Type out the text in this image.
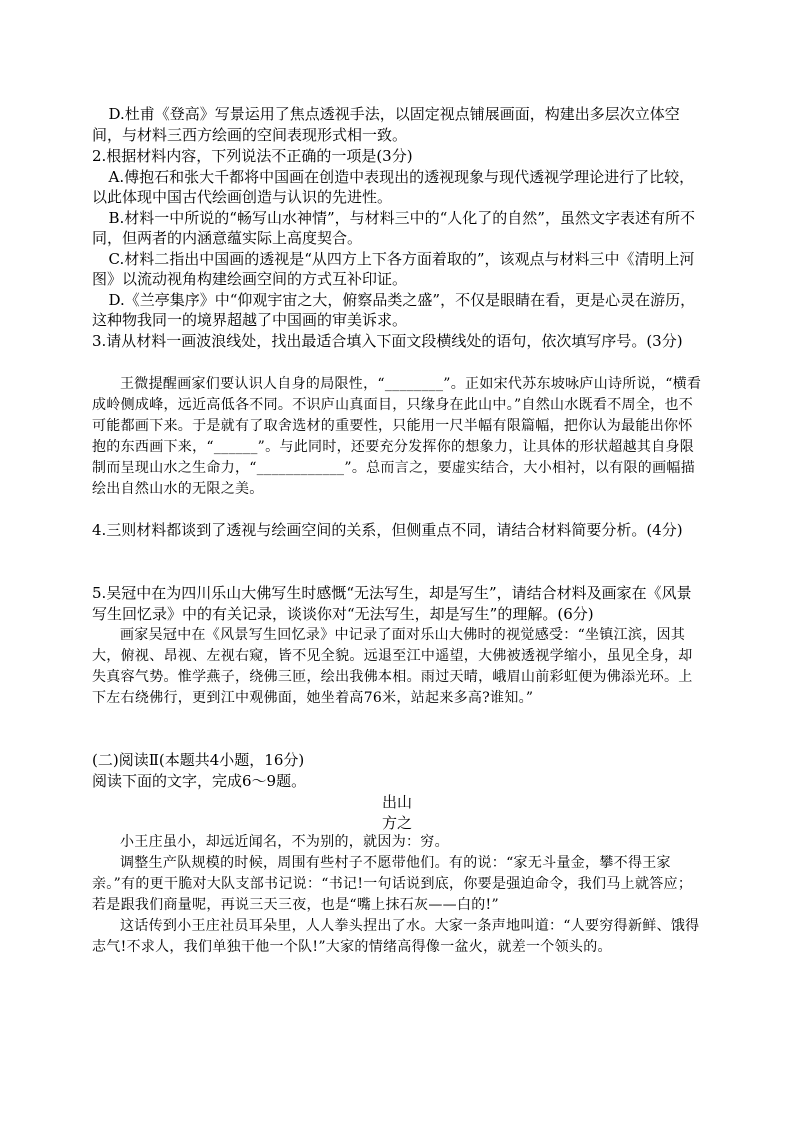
D.杜甫《登高》写景运用了焦点透视手法，以固定视点铺展画面，构建出多层次立体空间，与材料三西方绘画的空间表现形式相一致。

2.根据材料内容，下列说法不正确的一项是(3分)

A.傅抱石和张大千都将中国画在创造中表现出的透视现象与现代透视学理论进行了比较，以此体现中国古代绘画创造与认识的先进性。

B.材料一中所说的“畅写山水神情”，与材料三中的“人化了的自然”，虽然文字表述有所不同，但两者的内涵意蕴实际上高度契合。

C.材料二指出中国画的透视是“从四方上下各方面着取的”，该观点与材料三中《清明上河图》以流动视角构建绘画空间的方式互补印证。

D.《兰亭集序》中“仰观宇宙之大，俯察品类之盛”，不仅是眼睛在看，更是心灵在游历，这种物我同一的境界超越了中国画的审美诉求。

3.请从材料一画波浪线处，找出最适合填入下面文段横线处的语句，依次填写序号。(3分)

王微提醒画家们要认识人自身的局限性，“________”。正如宋代苏东坡咏庐山诗所说，“横看成岭侧成峰，远近高低各不同。不识庐山真面目，只缘身在此山中。”自然山水既看不周全，也不可能都画下来。于是就有了取舍选材的重要性，只能用一尺半幅有限篇幅，把你认为最能出你怀抱的东西画下来，“______”。与此同时，还要充分发挥你的想象力，让具体的形状超越其自身限制而呈现山水之生命力，“____________”。总而言之，要虚实结合，大小相衬，以有限的画幅描绘出自然山水的无限之美。

4.三则材料都谈到了透视与绘画空间的关系，但侧重点不同，请结合材料简要分析。(4分)

5.吴冠中在为四川乐山大佛写生时感慨“无法写生，却是写生”，请结合材料及画家在《风景写生回忆录》中的有关记录，谈谈你对“无法写生，却是写生”的理解。(6分)

画家吴冠中在《风景写生回忆录》中记录了面对乐山大佛时的视觉感受：“坐镇江滨，因其大，俯视、昂视、左视右窥，皆不见全貌。远退至江中遥望，大佛被透视学缩小，虽见全身，却失真容气势。惟学燕子，绕佛三匝，绘出我佛本相。雨过天晴，峨眉山前彩虹便为佛添光环。上下左右绕佛行，更到江中观佛面，她坐着高76米，站起来多高?谁知。”

(二)阅读Ⅱ(本题共4小题，16分)

阅读下面的文字，完成6～9题。

出山

方之

小王庄虽小，却远近闻名，不为别的，就因为：穷。

调整生产队规模的时候，周围有些村子不愿带他们。有的说：“家无斗量金，攀不得王家亲。”有的更干脆对大队支部书记说：“书记!一句话说到底，你要是强迫命令，我们马上就答应；若是跟我们商量呢，再说三天三夜，也是“嘴上抹石灰——白的!”

这话传到小王庄社员耳朵里，人人拳头捏出了水。大家一条声地叫道：“人要穷得新鲜、饿得志气!不求人，我们单独干他一个队!”大家的情绪高得像一盆火，就差一个领头的。
